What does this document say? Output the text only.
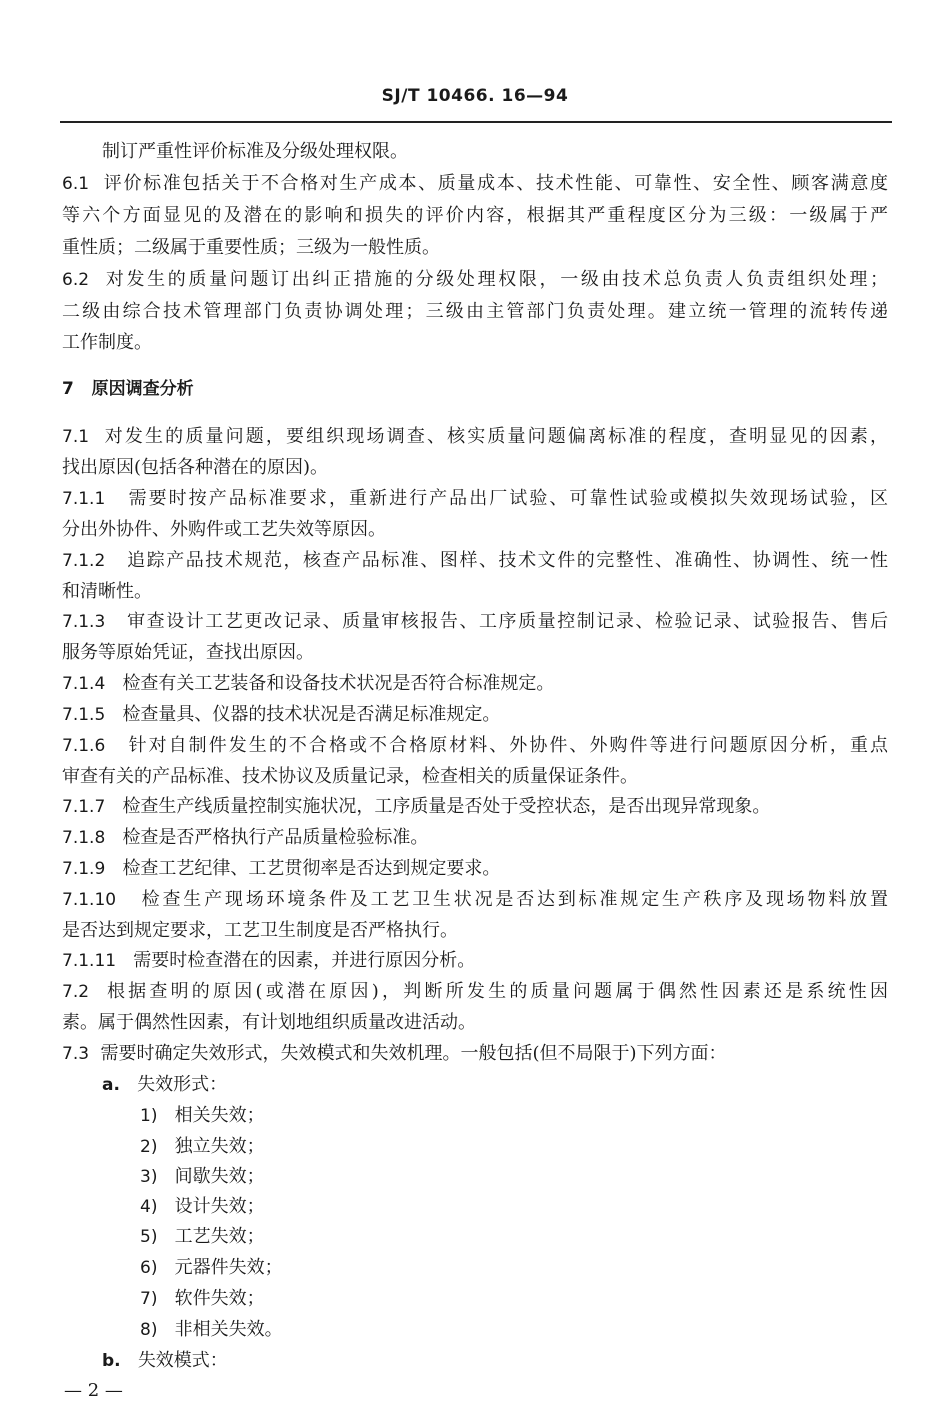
SJ/T 10466. 16—94
制订严重性评价标准及分级处理权限。
6.1 评价标准包括关于不合格对生产成本、质量成本、技术性能、可靠性、安全性、顾客满意度
等六个方面显见的及潜在的影响和损失的评价内容，根据其严重程度区分为三级：一级属于严
重性质；二级属于重要性质；三级为一般性质。
6.2 对发生的质量问题订出纠正措施的分级处理权限，一级由技术总负责人负责组织处理；
二级由综合技术管理部门负责协调处理；三级由主管部门负责处理。建立统一管理的流转传递
工作制度。
7 原因调查分析
7.1 对发生的质量问题，要组织现场调查、核实质量问题偏离标准的程度，查明显见的因素，
找出原因(包括各种潜在的原因)。
7.1.1 需要时按产品标准要求，重新进行产品出厂试验、可靠性试验或模拟失效现场试验，区
分出外协件、外购件或工艺失效等原因。
7.1.2 追踪产品技术规范，核查产品标准、图样、技术文件的完整性、准确性、协调性、统一性
和清晰性。
7.1.3 审查设计工艺更改记录、质量审核报告、工序质量控制记录、检验记录、试验报告、售后
服务等原始凭证，查找出原因。
7.1.4 检查有关工艺装备和设备技术状况是否符合标准规定。
7.1.5 检查量具、仪器的技术状况是否满足标准规定。
7.1.6 针对自制件发生的不合格或不合格原材料、外协件、外购件等进行问题原因分析，重点
审查有关的产品标准、技术协议及质量记录，检查相关的质量保证条件。
7.1.7 检查生产线质量控制实施状况，工序质量是否处于受控状态，是否出现异常现象。
7.1.8 检查是否严格执行产品质量检验标准。
7.1.9 检查工艺纪律、工艺贯彻率是否达到规定要求。
7.1.10 检查生产现场环境条件及工艺卫生状况是否达到标准规定生产秩序及现场物料放置
是否达到规定要求，工艺卫生制度是否严格执行。
7.1.11 需要时检查潜在的因素，并进行原因分析。
7.2 根据查明的原因(或潜在原因)，判断所发生的质量问题属于偶然性因素还是系统性因
素。属于偶然性因素，有计划地组织质量改进活动。
7.3 需要时确定失效形式，失效模式和失效机理。一般包括(但不局限于)下列方面：
a. 失效形式：
1) 相关失效；
2) 独立失效；
3) 间歇失效；
4) 设计失效；
5) 工艺失效；
6) 元器件失效；
7) 软件失效；
8) 非相关失效。
b. 失效模式：
— 2 —
